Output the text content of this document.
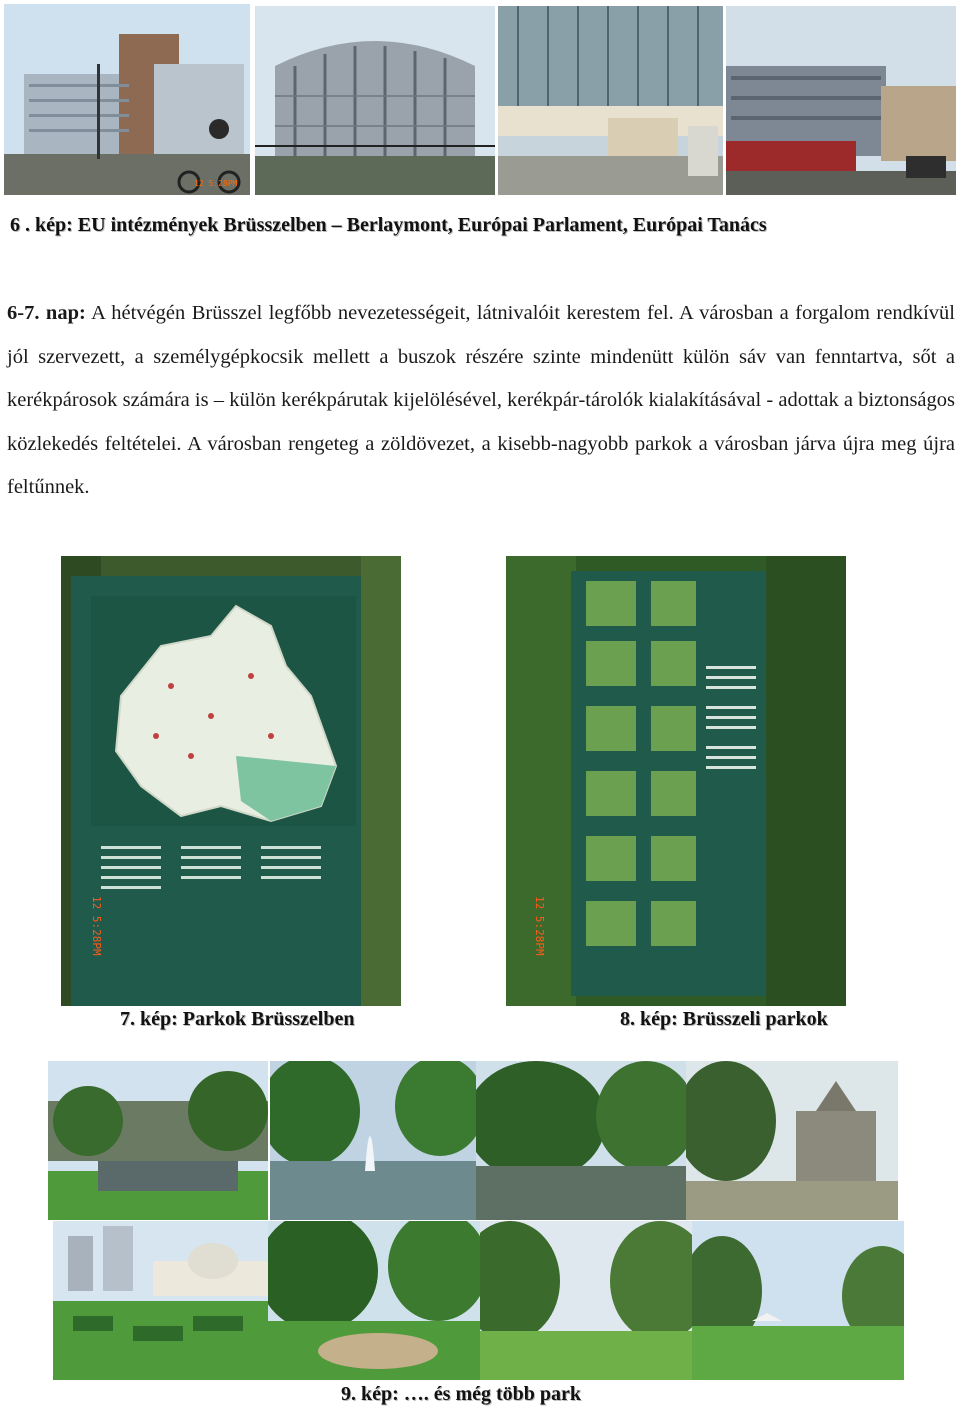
12 5:28PM
6 . kép: EU intézmények Brüsszelben – Berlaymont, Európai Parlament, Európai Tanács
6-7. nap: A hétvégén Brüsszel legfőbb nevezetességeit, látnivalóit kerestem fel. A városban a forgalom rendkívül jól szervezett, a személygépkocsik mellett a buszok részére szinte mindenütt külön sáv van fenntartva, sőt a kerékpárosok számára is – külön kerékpárutak kijelölésével, kerékpár-tárolók kialakításával - adottak a biztonságos közlekedés feltételei. A városban rengeteg a zöldövezet, a kisebb-nagyobb parkok a városban járva újra meg újra feltűnnek.
12 5:28PM	12 5:28PM
7. kép: Parkok Brüsszelben	8. kép: Brüsszeli parkok
9. kép: …. és még több park
